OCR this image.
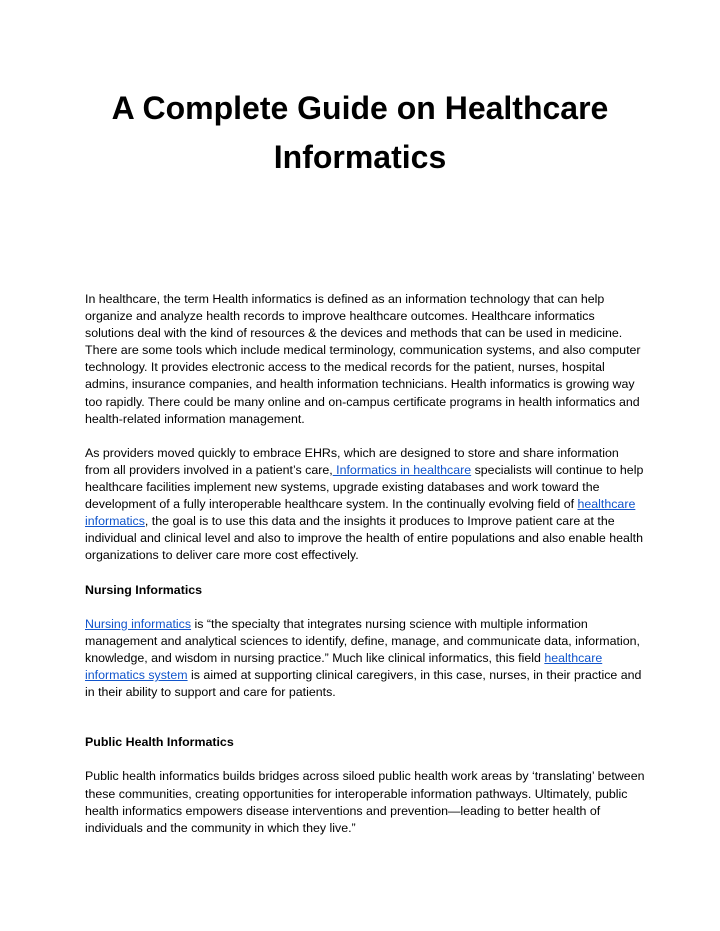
A Complete Guide on Healthcare Informatics

In healthcare, the term Health informatics is defined as an information technology that can help organize and analyze health records to improve healthcare outcomes. Healthcare informatics solutions deal with the kind of resources & the devices and methods that can be used in medicine. There are some tools which include medical terminology, communication systems, and also computer technology. It provides electronic access to the medical records for the patient, nurses, hospital admins, insurance companies, and health information technicians. Health informatics is growing way too rapidly. There could be many online and on-campus certificate programs in health informatics and health-related information management.

As providers moved quickly to embrace EHRs, which are designed to store and share information from all providers involved in a patient’s care, Informatics in healthcare specialists will continue to help healthcare facilities implement new systems, upgrade existing databases and work toward the development of a fully interoperable healthcare system. In the continually evolving field of healthcare informatics, the goal is to use this data and the insights it produces to Improve patient care at the individual and clinical level and also to improve the health of entire populations and also enable health organizations to deliver care more cost effectively.

Nursing Informatics

Nursing informatics is “the specialty that integrates nursing science with multiple information management and analytical sciences to identify, define, manage, and communicate data, information, knowledge, and wisdom in nursing practice.” Much like clinical informatics, this field healthcare informatics system is aimed at supporting clinical caregivers, in this case, nurses, in their practice and in their ability to support and care for patients.

Public Health Informatics

Public health informatics builds bridges across siloed public health work areas by ‘translating’ between these communities, creating opportunities for interoperable information pathways. Ultimately, public health informatics empowers disease interventions and prevention—leading to better health of individuals and the community in which they live.”
